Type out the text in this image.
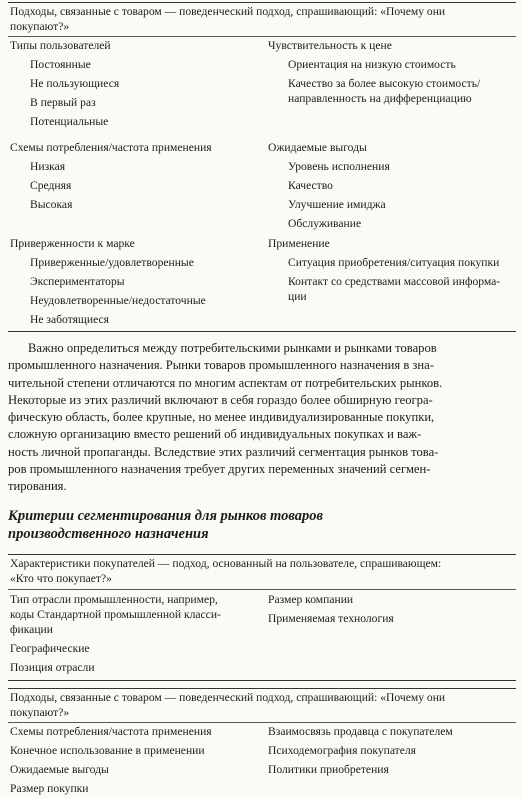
Подходы, связанные с товаром — поведенческий подход, спрашивающий: «Почему они
покупают?»
Типы пользователей
Постоянные
Не пользующиеся
В первый раз
Потенциальные
Схемы потребления/частота применения
Низкая
Средняя
Высокая
Приверженности к марке
Приверженные/удовлетворенные
Экспериментаторы
Неудовлетворенные/недостаточные
Не заботящиеся
Чувствительность к цене
Ориентация на низкую стоимость
Качество за более высокую стоимость/
направленность на дифференциацию
Ожидаемые выгоды
Уровень исполнения
Качество
Улучшение имиджа
Обслуживание
Применение
Ситуация приобретения/ситуация покупки
Контакт со средствами массовой информа-
ции
Важно определиться между потребительскими рынками и рынками товаров
промышленного назначения. Рынки товаров промышленного назначения в зна-
чительной степени отличаются по многим аспектам от потребительских рынков.
Некоторые из этих различий включают в себя гораздо более обширную геогра-
фическую область, более крупные, но менее индивидуализированные покупки,
сложную организацию вместо решений об индивидуальных покупках и важ-
ность личной пропаганды. Вследствие этих различий сегментация рынков това-
ров промышленного назначения требует других переменных значений сегмен-
тирования.
Критерии сегментирования для рынков товаров
производственного назначения
Характеристики покупателей — подход, основанный на пользователе, спрашивающем:
«Кто что покупает?»
Тип отрасли промышленности, например,
коды Стандартной промышленной класси-
фикации
Географические
Позиция отрасли
Размер компании
Применяемая технология
Подходы, связанные с товаром — поведенческий подход, спрашивающий: «Почему они
покупают?»
Схемы потребления/частота применения
Конечное использование в применении
Ожидаемые выгоды
Размер покупки
Взаимосвязь продавца с покупателем
Психодемография покупателя
Политики приобретения
